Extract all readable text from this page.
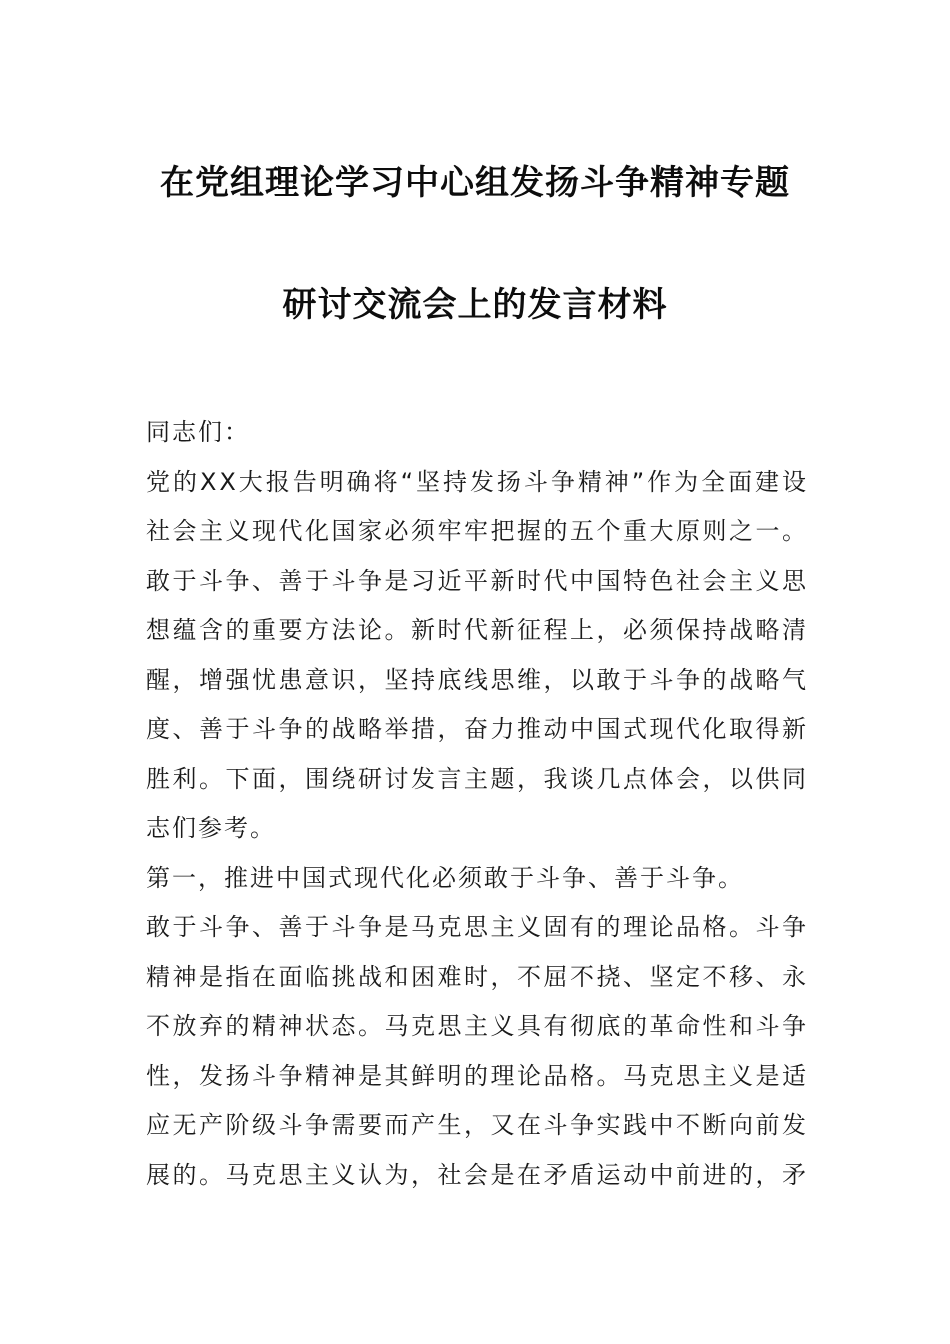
在党组理论学习中心组发扬斗争精神专题
研讨交流会上的发言材料
同志们：
党 的 X X 大 报 告 明 确 将 “ 坚 持 发 扬 斗 争 精 神 ” 作 为 全 面 建 设
社 会 主 义 现 代 化 国 家 必 须 牢 牢 把 握 的 五 个 重 大 原 则 之 一 。
敢 于 斗 争 、 善 于 斗 争 是 习 近 平 新 时 代 中 国 特 色 社 会 主 义 思
想 蕴 含 的 重 要 方 法 论 。 新 时 代 新 征 程 上 ， 必 须 保 持 战 略 清
醒 ， 增 强 忧 患 意 识 ， 坚 持 底 线 思 维 ， 以 敢 于 斗 争 的 战 略 气
度 、 善 于 斗 争 的 战 略 举 措 ， 奋 力 推 动 中 国 式 现 代 化 取 得 新
胜 利 。 下 面 ， 围 绕 研 讨 发 言 主 题 ， 我 谈 几 点 体 会 ， 以 供 同
志们参考。
第一，推进中国式现代化必须敢于斗争、善于斗争。
敢 于 斗 争 、 善 于 斗 争 是 马 克 思 主 义 固 有 的 理 论 品 格 。 斗 争
精 神 是 指 在 面 临 挑 战 和 困 难 时 ， 不 屈 不 挠 、 坚 定 不 移 、 永
不 放 弃 的 精 神 状 态 。 马 克 思 主 义 具 有 彻 底 的 革 命 性 和 斗 争
性 ， 发 扬 斗 争 精 神 是 其 鲜 明 的 理 论 品 格 。 马 克 思 主 义 是 适
应 无 产 阶 级 斗 争 需 要 而 产 生 ， 又 在 斗 争 实 践 中 不 断 向 前 发
展 的 。 马 克 思 主 义 认 为 ， 社 会 是 在 矛 盾 运 动 中 前 进 的 ， 矛
